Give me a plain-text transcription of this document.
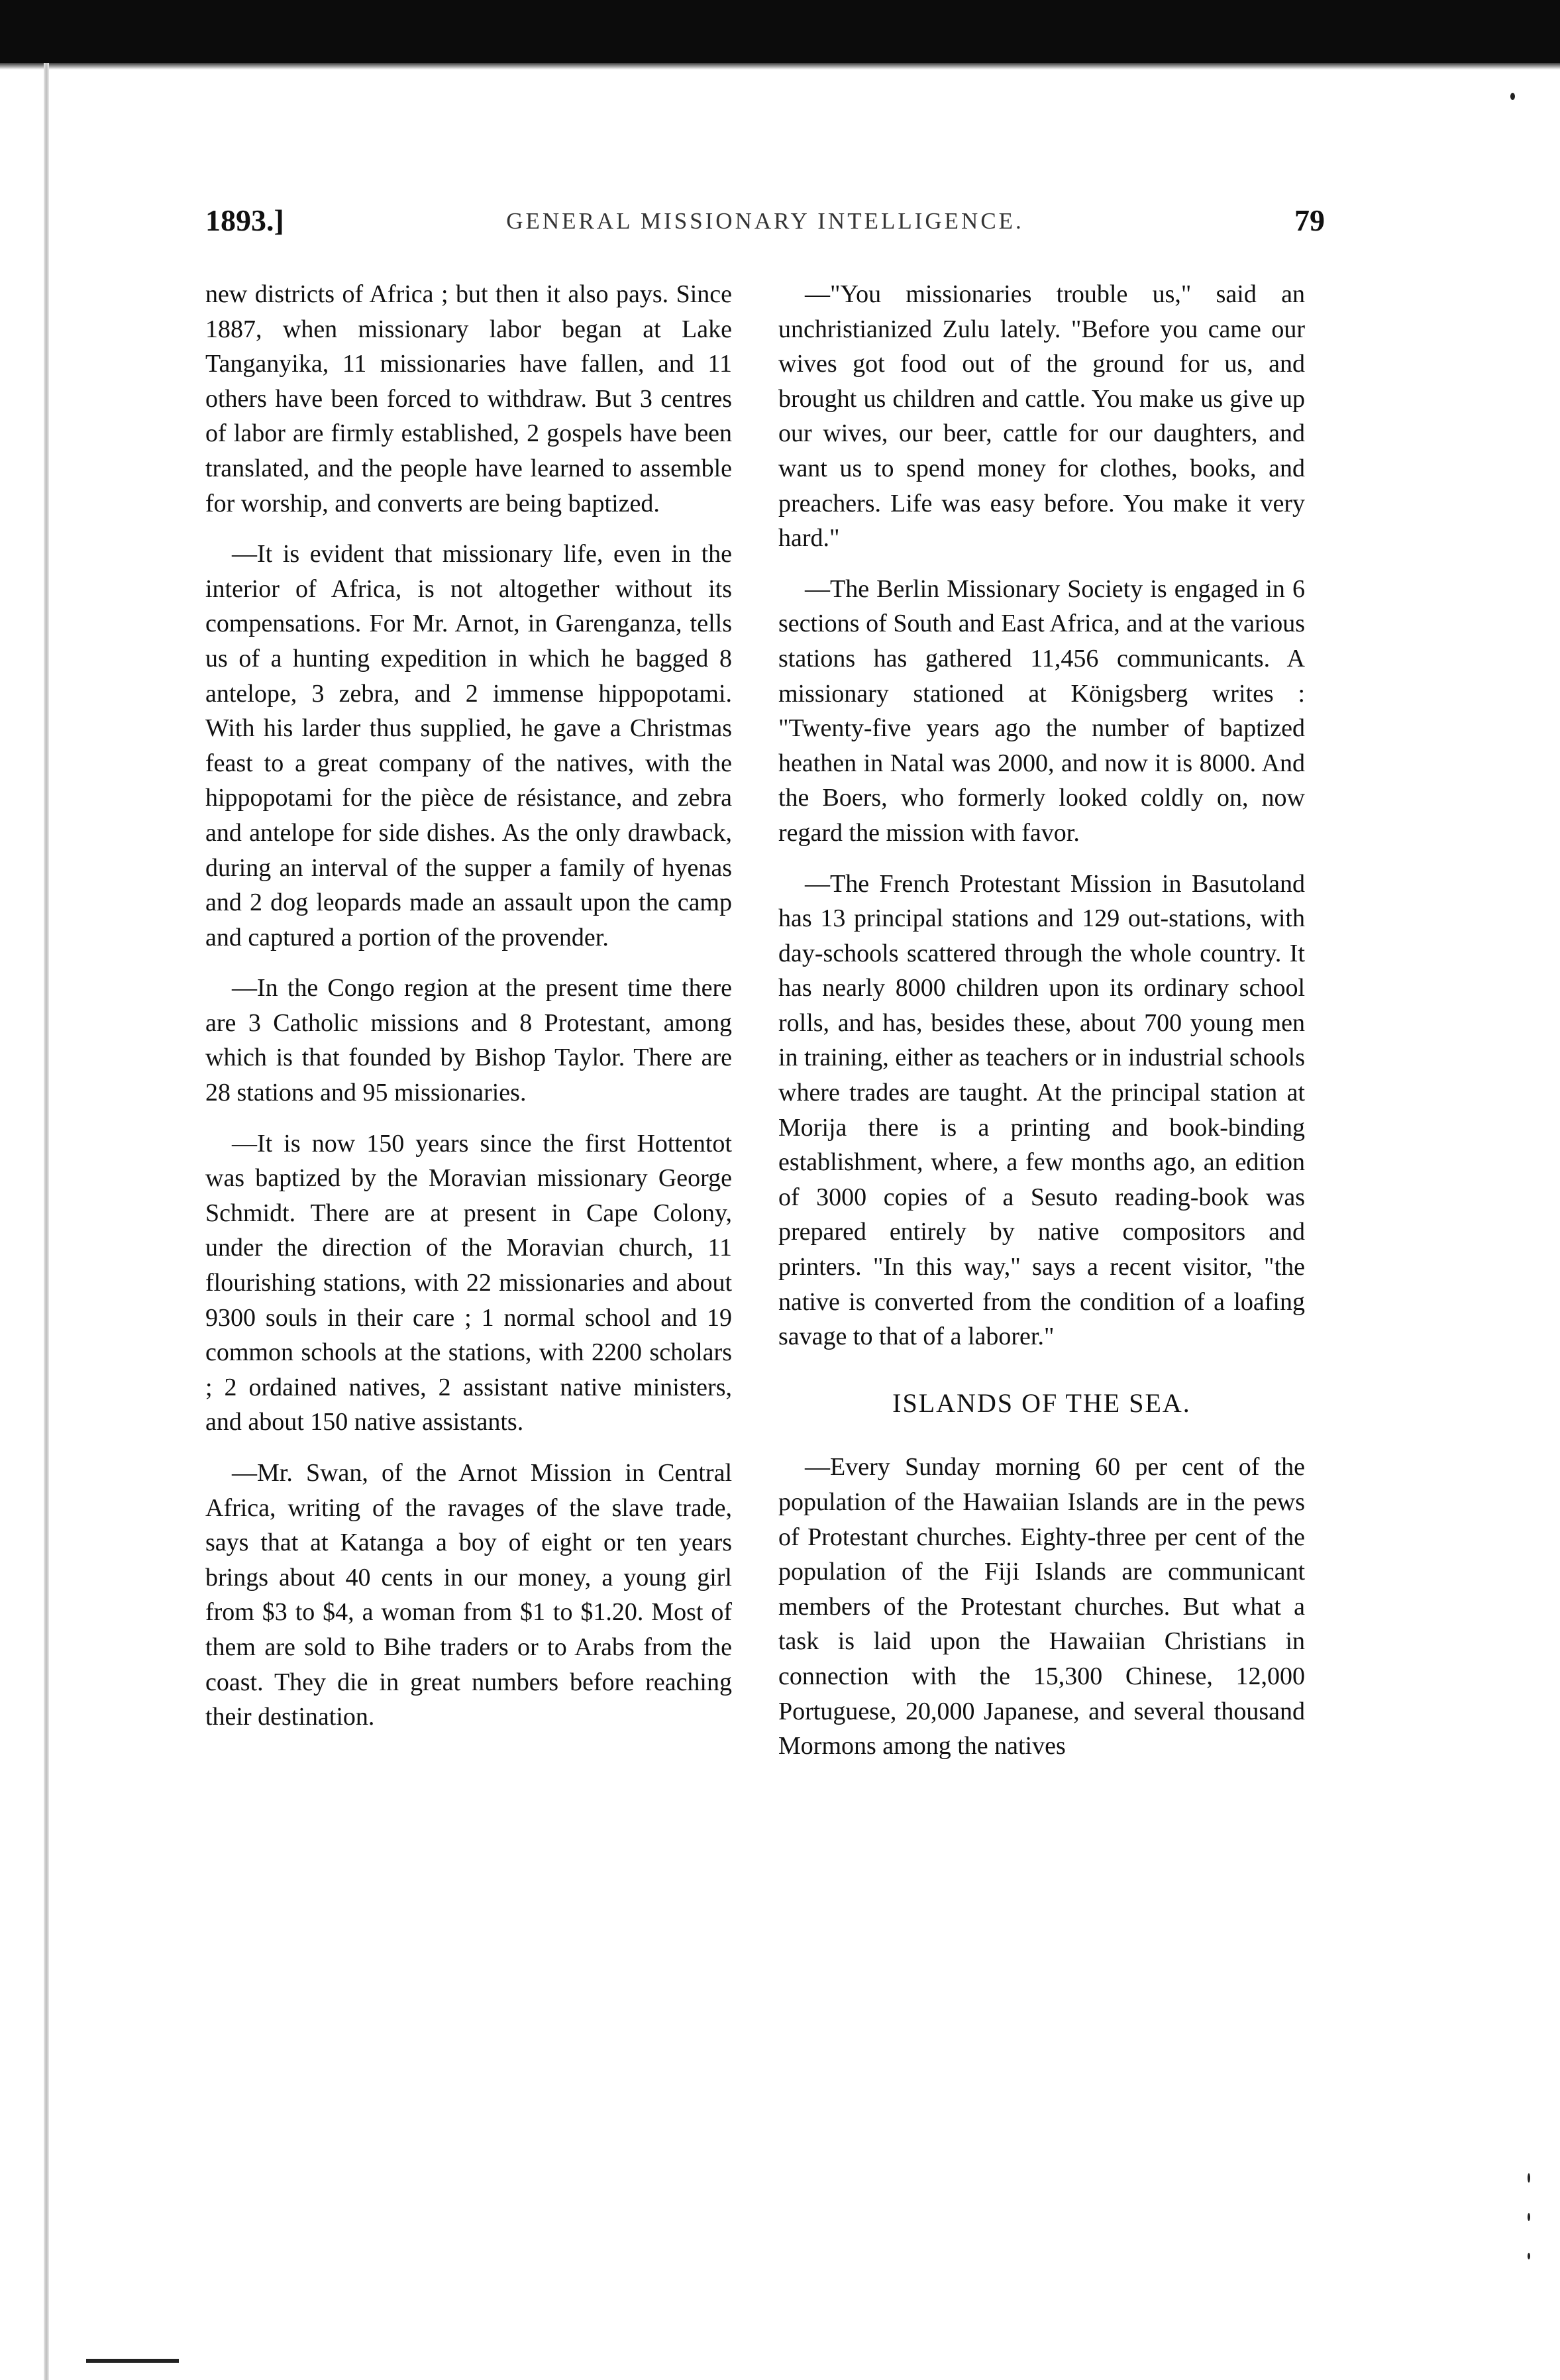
1893.]	GENERAL MISSIONARY INTELLIGENCE.	79

new districts of Africa ; but then it also pays. Since 1887, when missionary labor began at Lake Tanganyika, 11 missionaries have fallen, and 11 others have been forced to withdraw. But 3 centres of labor are firmly established, 2 gospels have been translated, and the people have learned to assemble for worship, and converts are being baptized.

—It is evident that missionary life, even in the interior of Africa, is not altogether without its compensations. For Mr. Arnot, in Garenganza, tells us of a hunting expedition in which he bagged 8 antelope, 3 zebra, and 2 immense hippopotami. With his larder thus supplied, he gave a Christmas feast to a great company of the natives, with the hippopotami for the pièce de résistance, and zebra and antelope for side dishes. As the only drawback, during an interval of the supper a family of hyenas and 2 dog leopards made an assault upon the camp and captured a portion of the provender.

—In the Congo region at the present time there are 3 Catholic missions and 8 Protestant, among which is that founded by Bishop Taylor. There are 28 stations and 95 missionaries.

—It is now 150 years since the first Hottentot was baptized by the Moravian missionary George Schmidt. There are at present in Cape Colony, under the direction of the Moravian church, 11 flourishing stations, with 22 missionaries and about 9300 souls in their care ; 1 normal school and 19 common schools at the stations, with 2200 scholars ; 2 ordained natives, 2 assistant native ministers, and about 150 native assistants.

—Mr. Swan, of the Arnot Mission in Central Africa, writing of the ravages of the slave trade, says that at Katanga a boy of eight or ten years brings about 40 cents in our money, a young girl from $3 to $4, a woman from $1 to $1.20. Most of them are sold to Bihe traders or to Arabs from the coast. They die in great numbers before reaching their destination.

—"You missionaries trouble us," said an unchristianized Zulu lately. "Before you came our wives got food out of the ground for us, and brought us children and cattle. You make us give up our wives, our beer, cattle for our daughters, and want us to spend money for clothes, books, and preachers. Life was easy before. You make it very hard."

—The Berlin Missionary Society is engaged in 6 sections of South and East Africa, and at the various stations has gathered 11,456 communicants. A missionary stationed at Königsberg writes : "Twenty-five years ago the number of baptized heathen in Natal was 2000, and now it is 8000. And the Boers, who formerly looked coldly on, now regard the mission with favor.

—The French Protestant Mission in Basutoland has 13 principal stations and 129 out-stations, with day-schools scattered through the whole country. It has nearly 8000 children upon its ordinary school rolls, and has, besides these, about 700 young men in training, either as teachers or in industrial schools where trades are taught. At the principal station at Morija there is a printing and book-binding establishment, where, a few months ago, an edition of 3000 copies of a Sesuto reading-book was prepared entirely by native compositors and printers. "In this way," says a recent visitor, "the native is converted from the condition of a loafing savage to that of a laborer."

ISLANDS OF THE SEA.

—Every Sunday morning 60 per cent of the population of the Hawaiian Islands are in the pews of Protestant churches. Eighty-three per cent of the population of the Fiji Islands are communicant members of the Protestant churches. But what a task is laid upon the Hawaiian Christians in connection with the 15,300 Chinese, 12,000 Portuguese, 20,000 Japanese, and several thousand Mormons among the natives
